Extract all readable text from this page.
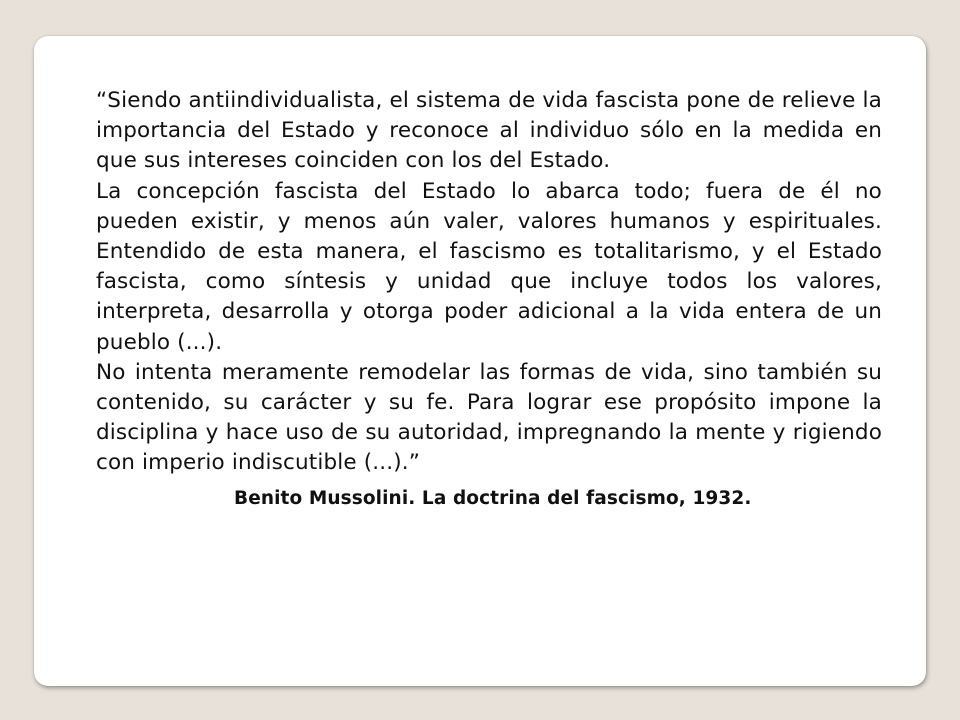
“Siendo antiindividualista, el sistema de vida fascista pone de relieve la importancia del Estado y reconoce al individuo sólo en la medida en que sus intereses coinciden con los del Estado.

La concepción fascista del Estado lo abarca todo; fuera de él no pueden existir, y menos aún valer, valores humanos y espirituales. Entendido de esta manera, el fascismo es totalitarismo, y el Estado fascista, como síntesis y unidad que incluye todos los valores, interpreta, desarrolla y otorga poder adicional a la vida entera de un pueblo (...).

No intenta meramente remodelar las formas de vida, sino también su contenido, su carácter y su fe. Para lograr ese propósito impone la disciplina y hace uso de su autoridad, impregnando la mente y rigiendo con imperio indiscutible (...).”

Benito Mussolini. La doctrina del fascismo, 1932.
